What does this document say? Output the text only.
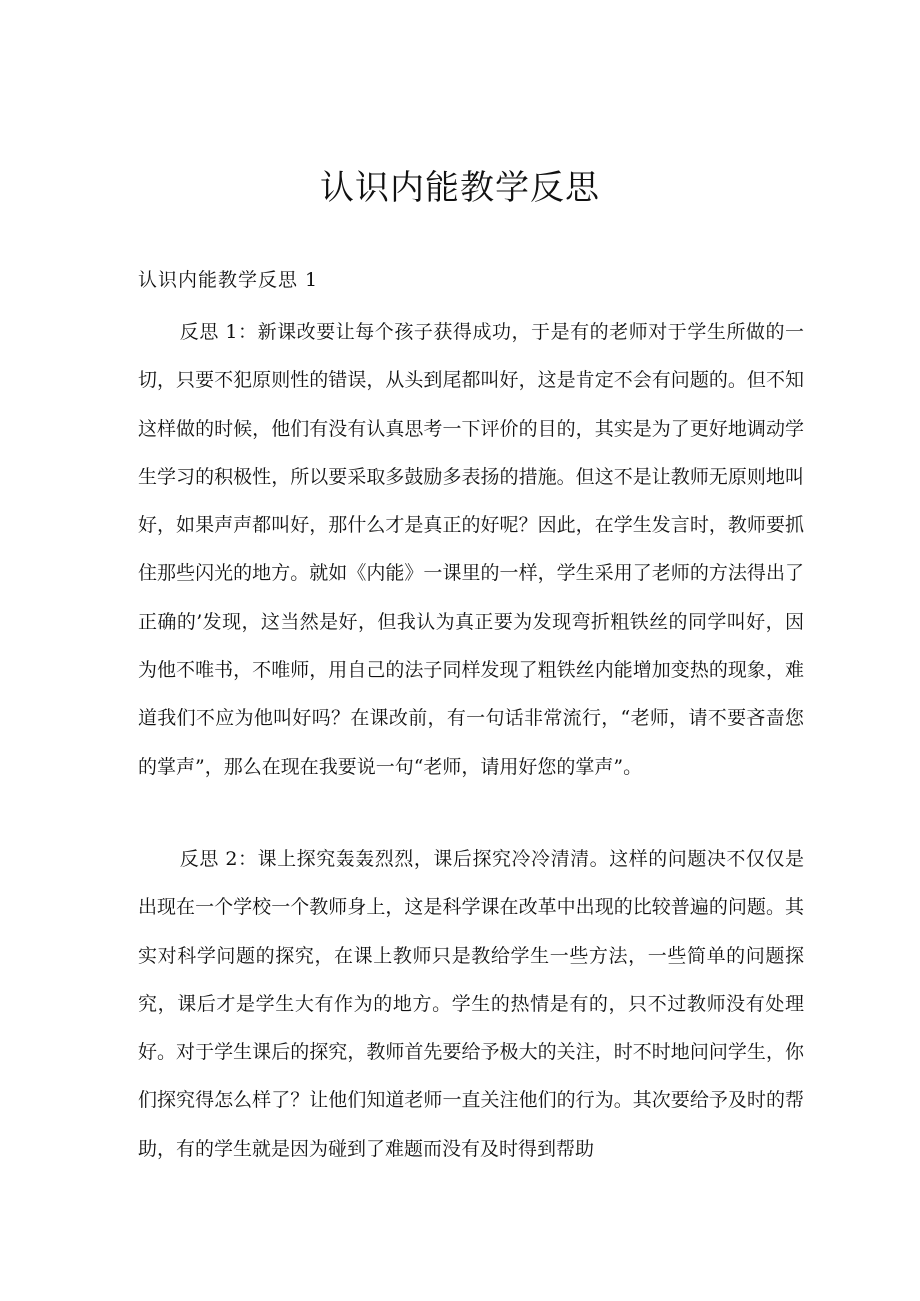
认识内能教学反思
认识内能教学反思 1

反思 1：新课改要让每个孩子获得成功，于是有的老师对于学生所做的一切，只要不犯原则性的错误，从头到尾都叫好，这是肯定不会有问题的。但不知这样做的时候，他们有没有认真思考一下评价的目的，其实是为了更好地调动学生学习的积极性，所以要采取多鼓励多表扬的措施。但这不是让教师无原则地叫好，如果声声都叫好，那什么才是真正的好呢？因此，在学生发言时，教师要抓住那些闪光的地方。就如《内能》一课里的一样，学生采用了老师的方法得出了正确的’发现，这当然是好，但我认为真正要为发现弯折粗铁丝的同学叫好，因为他不唯书，不唯师，用自己的法子同样发现了粗铁丝内能增加变热的现象，难道我们不应为他叫好吗？在课改前，有一句话非常流行，“老师，请不要吝啬您的掌声”，那么在现在我要说一句“老师，请用好您的掌声”。

反思 2：课上探究轰轰烈烈，课后探究冷冷清清。这样的问题决不仅仅是出现在一个学校一个教师身上，这是科学课在改革中出现的比较普遍的问题。其实对科学问题的探究，在课上教师只是教给学生一些方法，一些简单的问题探究，课后才是学生大有作为的地方。学生的热情是有的，只不过教师没有处理好。对于学生课后的探究，教师首先要给予极大的关注，时不时地问问学生，你们探究得怎么样了？让他们知道老师一直关注他们的行为。其次要给予及时的帮助，有的学生就是因为碰到了难题而没有及时得到帮助
